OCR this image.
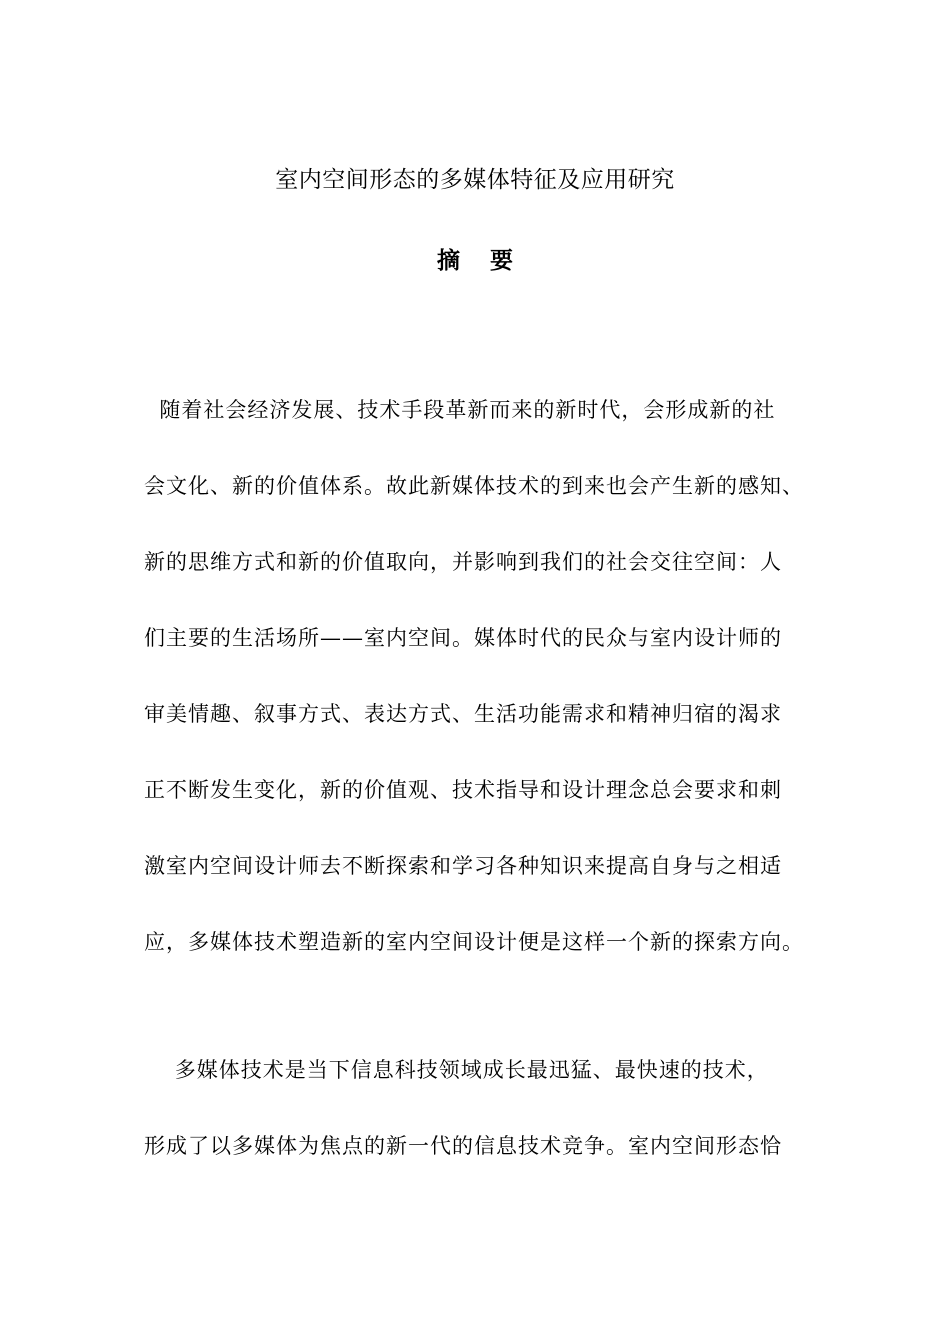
室内空间形态的多媒体特征及应用研究
摘 要
随着社会经济发展、技术手段革新而来的新时代，会形成新的社
会文化、新的价值体系。故此新媒体技术的到来也会产生新的感知、
新的思维方式和新的价值取向，并影响到我们的社会交往空间：人
们主要的生活场所——室内空间。媒体时代的民众与室内设计师的
审美情趣、叙事方式、表达方式、生活功能需求和精神归宿的渴求
正不断发生变化，新的价值观、技术指导和设计理念总会要求和刺
激室内空间设计师去不断探索和学习各种知识来提高自身与之相适
应，多媒体技术塑造新的室内空间设计便是这样一个新的探索方向。
多媒体技术是当下信息科技领域成长最迅猛、最快速的技术，
形成了以多媒体为焦点的新一代的信息技术竞争。室内空间形态恰
